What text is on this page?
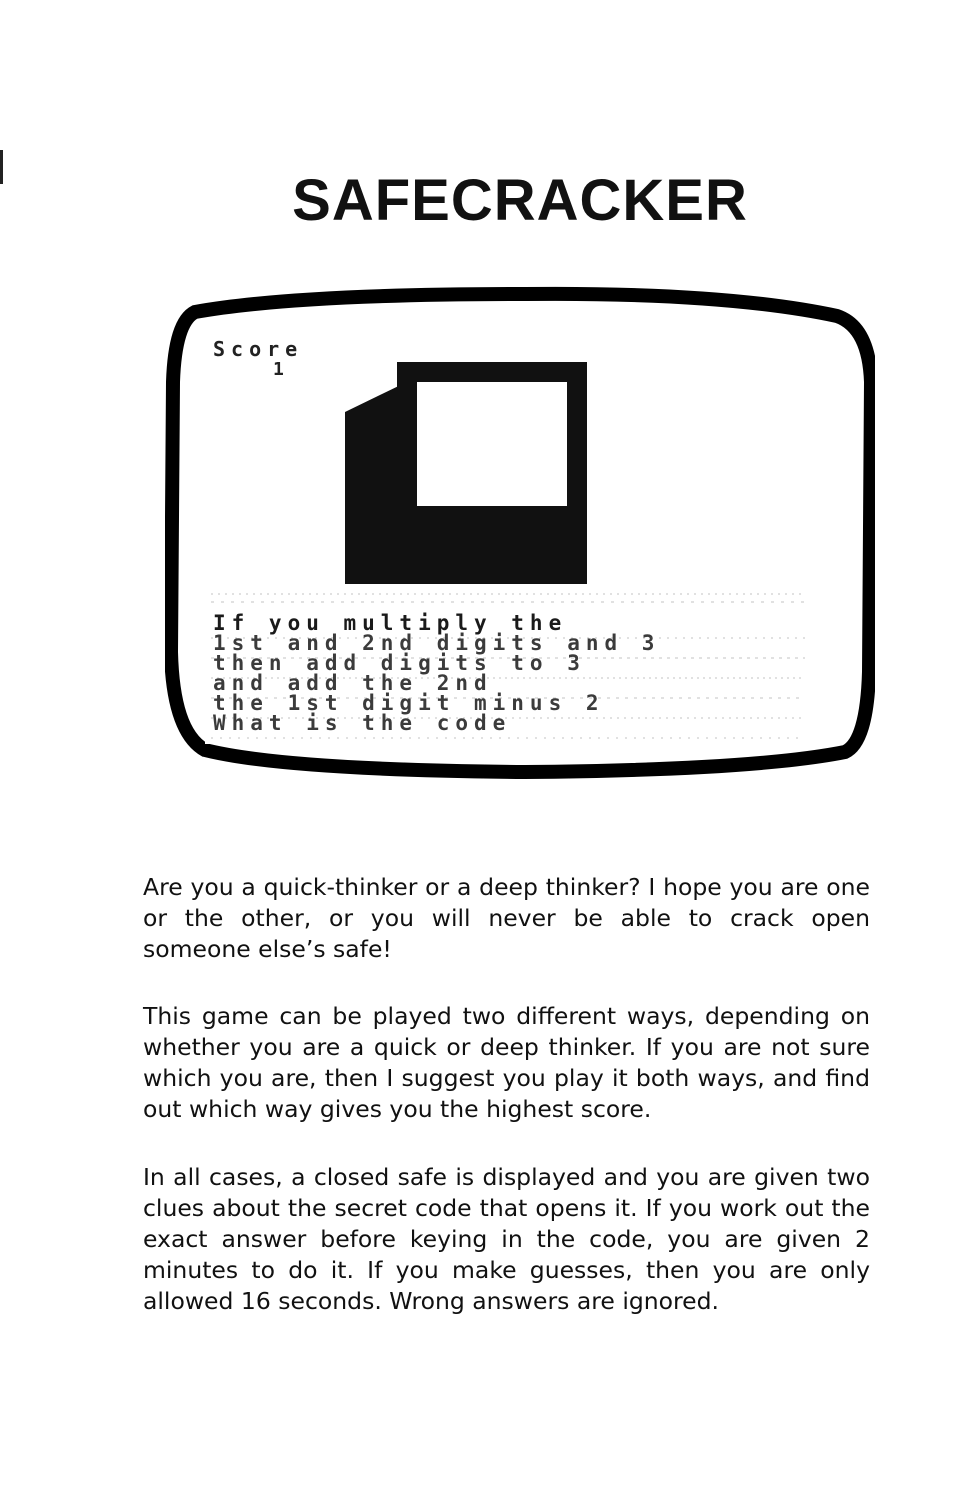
SAFECRACKER
Score
1
If you multiply the
1st and 2nd digits and 3
then add digits to 3
and add the 2nd
the 1st digit minus 2
What is the code

Are you a quick-thinker or a deep thinker? I hope you are one or the other, or you will never be able to crack open someone else’s safe!

This game can be played two different ways, depending on whether you are a quick or deep thinker. If you are not sure which you are, then I suggest you play it both ways, and find out which way gives you the highest score.

In all cases, a closed safe is displayed and you are given two clues about the secret code that opens it. If you work out the exact answer before keying in the code, you are given 2 minutes to do it. If you make guesses, then you are only allowed 16 seconds. Wrong answers are ignored.
